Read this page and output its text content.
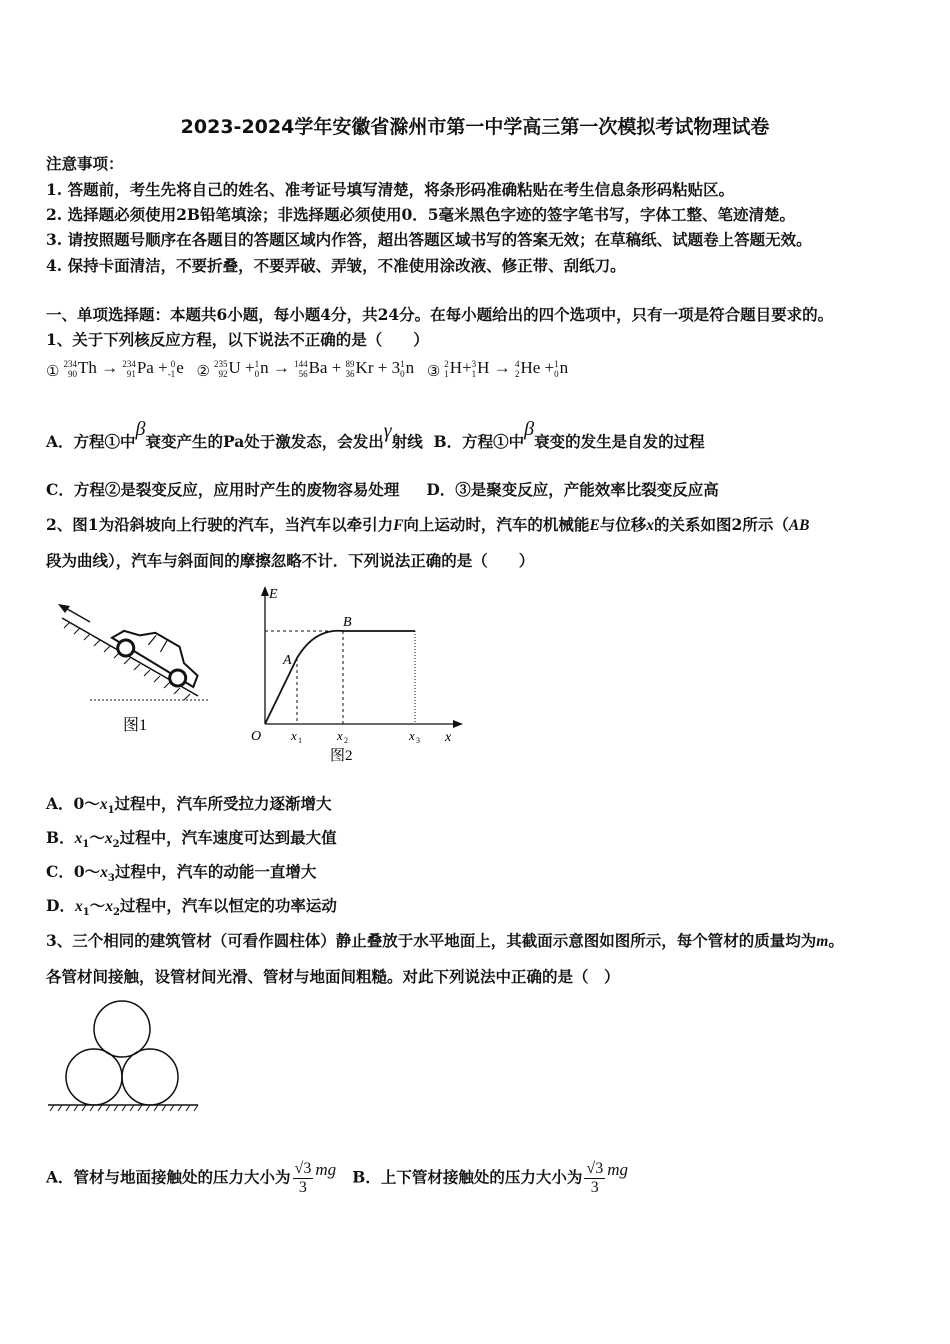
2023-2024学年安徽省滁州市第一中学高三第一次模拟考试物理试卷
注意事项：
1. 答题前，考生先将自己的姓名、准考证号填写清楚，将条形码准确粘贴在考生信息条形码粘贴区。
2. 选择题必须使用2B铅笔填涂；非选择题必须使用0．5毫米黑色字迹的签字笔书写，字体工整、笔迹清楚。
3. 请按照题号顺序在各题目的答题区域内作答，超出答题区域书写的答案无效；在草稿纸、试题卷上答题无效。
4. 保持卡面清洁，不要折叠，不要弄破、弄皱，不准使用涂改液、修正带、刮纸刀。
一、单项选择题：本题共6小题，每小题4分，共24分。在每小题给出的四个选项中，只有一项是符合题目要求的。
1、关于下列核反应方程，以下说法不正确的是（　　）
① 234
90 Th → 234
91 Pa + 0
-1 e ② 235
92 U + 1
0 n → 144
56 Ba + 89
36 Kr + 3 1
0 n ③ 2
1 H+ 3
1 H → 4
2 He + 1
0 n
A．方程①中β衰变产生的Pa处于激发态，会发出γ射线 B．方程①中β衰变的发生是自发的过程
C．方程②是裂变反应，应用时产生的废物容易处理 D．③是聚变反应，产能效率比裂变反应高
2、图1为沿斜坡向上行驶的汽车，当汽车以牵引力F向上运动时，汽车的机械能E与位移x的关系如图2所示（AB
段为曲线），汽车与斜面间的摩擦忽略不计．下列说法正确的是（　　）
图1
E
O
A
B
x
x 1	x 2	x 3
图2
A．$0\sim x_1$过程中，汽车所受拉力逐渐增大
B．$x_1\sim x_2$过程中，汽车速度可达到最大值
C．$0\sim x_3$过程中，汽车的动能一直增大
D．$x_1\sim x_2$过程中，汽车以恒定的功率运动
3、三个相同的建筑管材（可看作圆柱体）静止叠放于水平地面上，其截面示意图如图所示，每个管材的质量均为m。
各管材间接触，设管材间光滑、管材与地面间粗糙。对此下列说法中正确的是（　）
A．管材与地面接触处的压力大小为 $\frac{√3}{3}$ mg B．上下管材接触处的压力大小为 $\frac{√3}{3}$ mg
